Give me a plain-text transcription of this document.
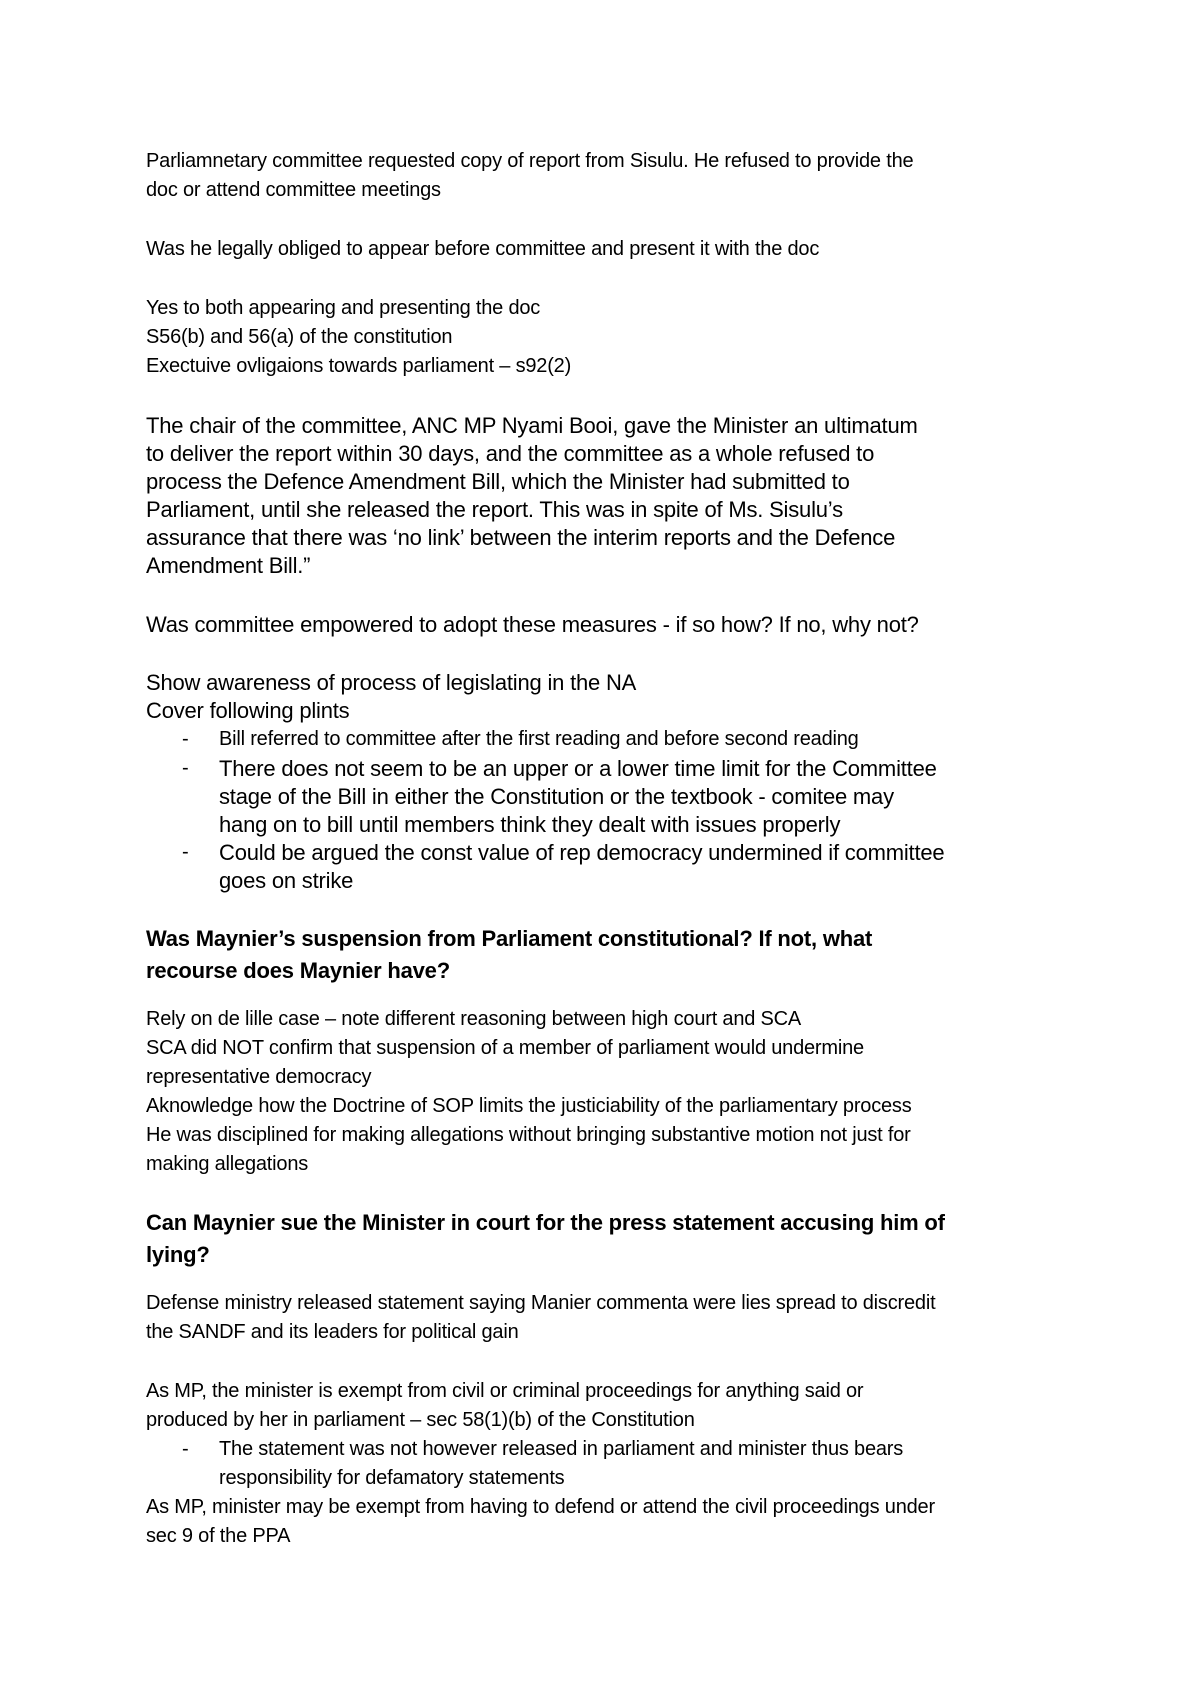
Parliamnetary committee requested copy of report from Sisulu. He refused to provide the

doc or attend committee meetings

Was he legally obliged to appear before committee and present it with the doc

Yes to both appearing and presenting the doc

S56(b) and 56(a) of the constitution

Exectuive ovligaions towards parliament – s92(2)

The chair of the committee, ANC MP Nyami Booi, gave the Minister an ultimatum

to deliver the report within 30 days, and the committee as a whole refused to

process the Defence Amendment Bill, which the Minister had submitted to

Parliament, until she released the report. This was in spite of Ms. Sisulu’s

assurance that there was ‘no link’ between the interim reports and the Defence

Amendment Bill.”

Was committee empowered to adopt these measures - if so how? If no, why not?

Show awareness of process of legislating in the NA

Cover following plints

- Bill referred to committee after the first reading and before second reading

- There does not seem to be an upper or a lower time limit for the Committee

stage of the Bill in either the Constitution or the textbook - comitee may

hang on to bill until members think they dealt with issues properly

- Could be argued the const value of rep democracy undermined if committee

goes on strike

Was Maynier’s suspension from Parliament constitutional? If not, what

recourse does Maynier have?

Rely on de lille case – note different reasoning between high court and SCA

SCA did NOT confirm that suspension of a member of parliament would undermine

representative democracy

Aknowledge how the Doctrine of SOP limits the justiciability of the parliamentary process

He was disciplined for making allegations without bringing substantive motion not just for

making allegations

Can Maynier sue the Minister in court for the press statement accusing him of

lying?

Defense ministry released statement saying Manier commenta were lies spread to discredit

the SANDF and its leaders for political gain

As MP, the minister is exempt from civil or criminal proceedings for anything said or

produced by her in parliament – sec 58(1)(b) of the Constitution

- The statement was not however released in parliament and minister thus bears

responsibility for defamatory statements

As MP, minister may be exempt from having to defend or attend the civil proceedings under

sec 9 of the PPA
